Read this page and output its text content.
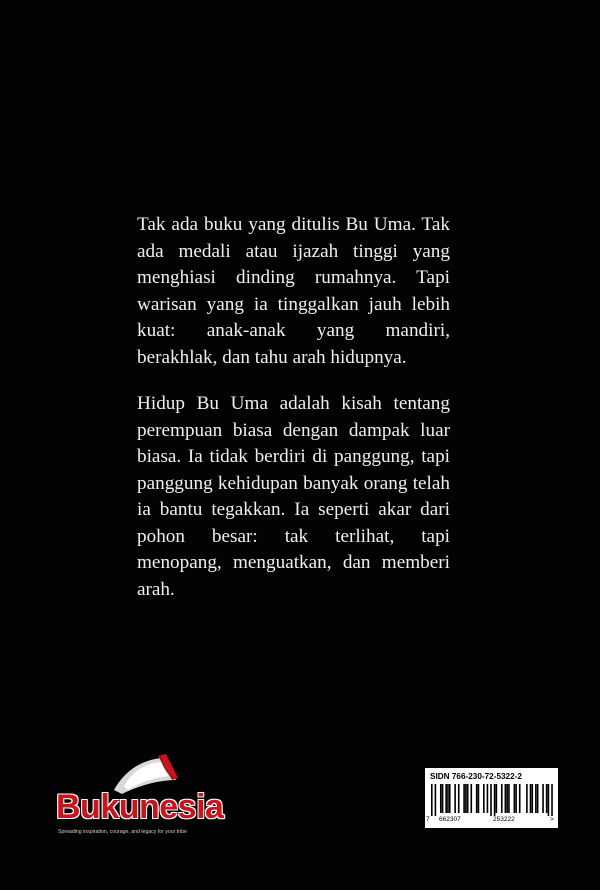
Tak ada buku yang ditulis Bu Uma. Tak ada medali atau ijazah tinggi yang menghiasi dinding rumahnya. Tapi warisan yang ia tinggalkan jauh lebih kuat: anak-anak yang mandiri, berakhlak, dan tahu arah hidupnya.

Hidup Bu Uma adalah kisah tentang perempuan biasa dengan dampak luar biasa. Ia tidak berdiri di panggung, tapi panggung kehidupan banyak orang telah ia bantu tegakkan. Ia seperti akar dari pohon besar: tak terlihat, tapi menopang, menguatkan, dan memberi arah.

Bukunesia
Spreading inspiration, courage, and legacy for your tribe
SIDN 766-230-72-5322-2
7 662307	253222	>
